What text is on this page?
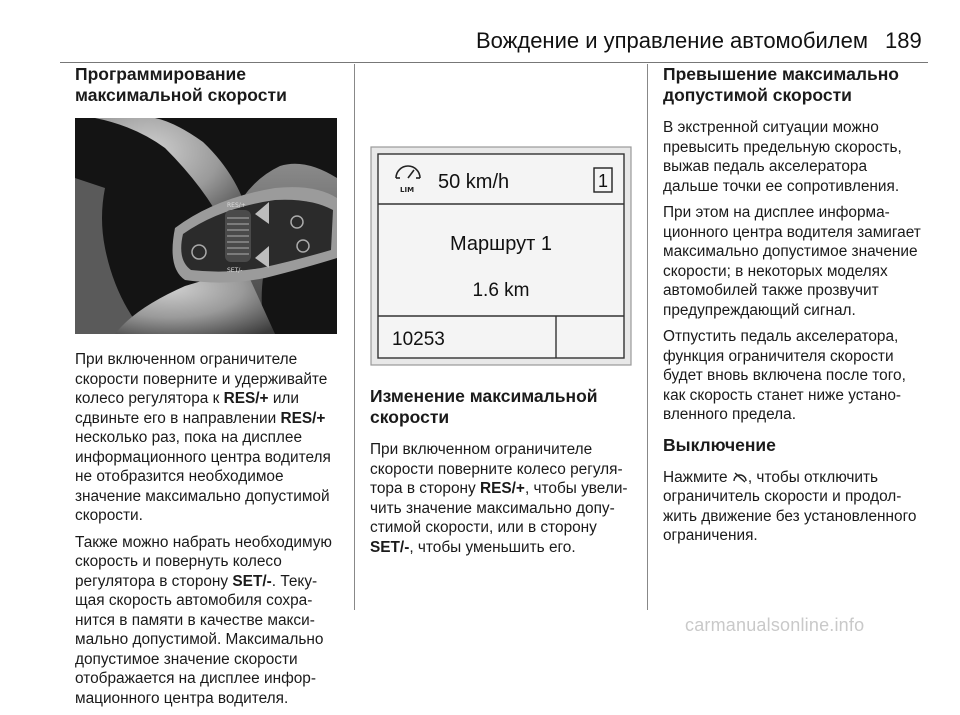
Вождение и управление автомобилем 189
Программирование максимальной скорости
RES/+
SET/-

При включенном ограничителе скорости поверните и удерживайте колесо регулятора к RES/+ или сдвиньте его в направлении RES/+ несколько раз, пока на дисплее информационного центра водителя не отобразится необходимое значение максимально допустимой скорости.

Также можно набрать необходимую скорость и повернуть колесо регулятора в сторону SET/-. Текущая скорость автомобиля сохранится в памяти в качестве максимально допустимой. Максимально допустимое значение скорости отображается на дисплее информационного центра водителя.

LIM 50 km/h	1
Маршрут 1
1.6 km
10253
Изменение максимальной скорости

При включенном ограничителе скорости поверните колесо регулятора в сторону RES/+, чтобы увеличить значение максимально допустимой скорости, или в сторону SET/-, чтобы уменьшить его.

Превышение максимально допустимой скорости

В экстренной ситуации можно превысить предельную скорость, выжав педаль акселератора дальше точки ее сопротивления.

При этом на дисплее информационного центра водителя замигает максимально допустимое значение скорости; в некоторых моделях автомобилей также прозвучит предупреждающий сигнал.

Отпустить педаль акселератора, функция ограничителя скорости будет вновь включена после того, как скорость станет ниже установленного предела.

Выключение

Нажмите , чтобы отключить ограничитель скорости и продолжить движение без установленного ограничения.

carmanualsonline.info
